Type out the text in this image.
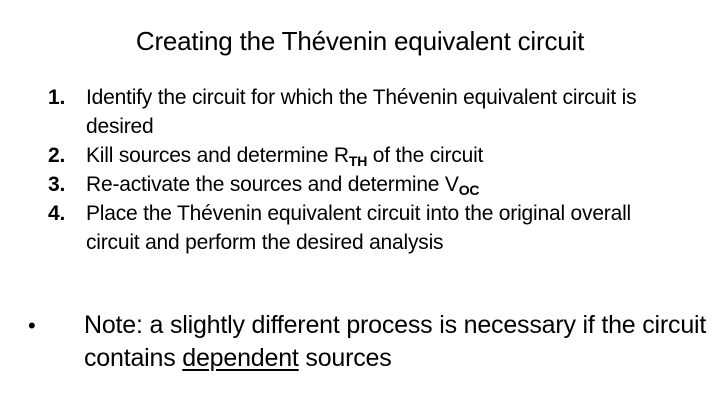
Creating the Thévenin equivalent circuit
1. Identify the circuit for which the Thévenin equivalent circuit is desired
2. Kill sources and determine RTH of the circuit
3. Re-activate the sources and determine VOC
4. Place the Thévenin equivalent circuit into the original overall circuit and perform the desired analysis
•	Note: a slightly different process is necessary if the circuit contains dependent sources
